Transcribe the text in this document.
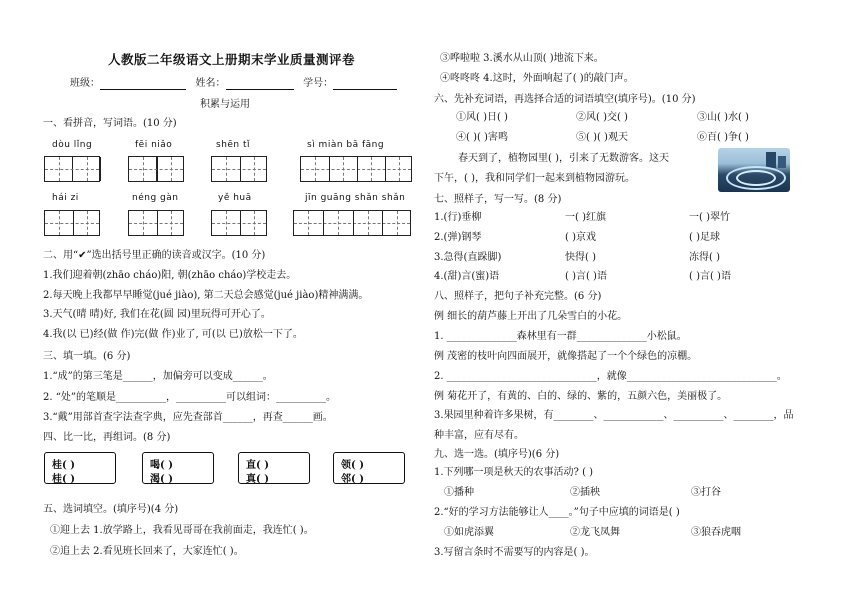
人教版二年级语文上册期末学业质量测评卷
班级：	姓名：	学号：
积累与运用
一、看拼音，写词语。(10 分)
dòu lǐng	fēi niǎo	shēn tǐ	sì miàn bā fāng
hái zi	néng gàn	yě huā	jīn guāng shǎn shǎn
二、用“✔”选出括号里正确的读音或汉字。(10 分)
1.我们迎着朝(zhāo cháo)阳, 朝(zhāo cháo)学校走去。
2.每天晚上我都早早睡觉(jué jiào), 第二天总会感觉(jué jiào)精神满满。
3.天气(晴 晴)好, 我们在花(圆 园)里玩得可开心了。
4.我(以 已)经(做 作)完(做 作)业了, 可(以 已)放松一下了。
三、填一填。(6 分)
1.“成”的第三笔是______，加偏旁可以变成______。
2. “处”的笔顺是__________，__________可以组词：__________。
3.“戴”用部首查字法查字典，应先查部首______，再查______画。
四、比一比，再组词。(8 分)
桂( )
桂( )
喝( )
渴( )
直( )
真( )
领( )
邻( )
五、选词填空。(填序号)(4 分)
①迎上去 1.放学路上，我看见哥哥在我前面走，我连忙( )。
②追上去 2.看见班长回来了，大家连忙( )。
③哗啦啦 3.溪水从山顶( )地流下来。
④咚咚咚 4.这时，外面响起了( )的敲门声。
六、先补充词语，再选择合适的词语填空(填序号)。(10 分)
①风( )日( )	②风( )交( )	③山( )水( )
④( )( )害鸣	⑤( )( )观天	⑥百( )争( )
春天到了，植物园里( )，引来了无数游客。这天
下午，( )，我和同学们一起来到植物园游玩。
七、照样子，写一写。(8 分)
1.(行)垂柳	一( )红旗	一( )翠竹
2.(弹)钢琴	( )京戏	( )足球
3.急得(直跺脚)	快得( )	冻得( )
4.(甜)言(蜜)语	( )言( )语	( )言( )语
八、照样子，把句子补充完整。(6 分)
例 细长的葫芦藤上开出了几朵雪白的小花。
1. ______________森林里有一群______________小松鼠。
例 茂密的枝叶向四面展开，就像搭起了一个个绿色的凉棚。
2. ______________________________，就像______________________________。
例 菊花开了，有黄的、白的、绿的、紫的，五颜六色，美丽极了。
3.果园里种着许多果树，有________、____________、__________、________，品
种丰富，应有尽有。
九、选一选。(填序号)(6 分)
1.下列哪一项是秋天的农事活动? ( )
①播种	②插秧	③打谷
2.“好的学习方法能够让人____。”句子中应填的词语是( )
①如虎添翼	②龙飞凤舞	③狼吞虎咽
3.写留言条时不需要写的内容是( )。
